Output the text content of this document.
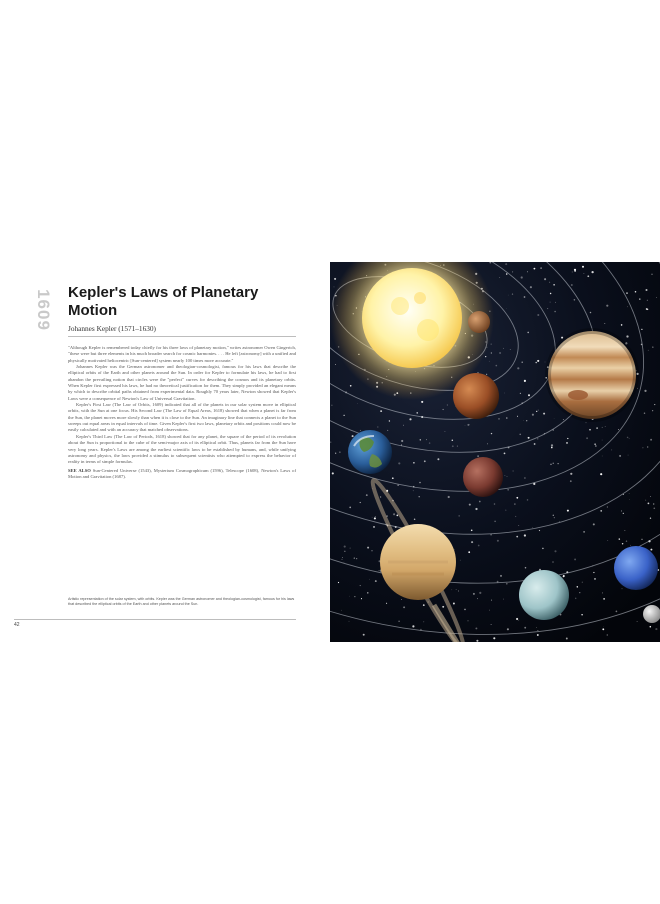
1609 Kepler's Laws of Planetary Motion
Johannes Kepler (1571–1630)

"Although Kepler is remembered today chiefly for his three laws of planetary motion," writes astronomer Owen Gingerich, "these were but three elements in his much broader search for cosmic harmonies. . . . He left [astronomy] with a unified and physically motivated heliocentric [Sun-centered] system nearly 100 times more accurate."

Johannes Kepler was the German astronomer and theologian-cosmologist, famous for his laws that describe the elliptical orbits of the Earth and other planets around the Sun. In order for Kepler to formulate his laws, he had to first abandon the prevailing notion that circles were the "perfect" curves for describing the cosmos and its planetary orbits. When Kepler first expressed his laws, he had no theoretical justification for them. They simply provided an elegant means by which to describe orbital paths obtained from experimental data. Roughly 70 years later, Newton showed that Kepler's Laws were a consequence of Newton's Law of Universal Gravitation.

Kepler's First Law (The Law of Orbits, 1609) indicated that all of the planets in our solar system move in elliptical orbits, with the Sun at one focus. His Second Law (The Law of Equal Areas, 1618) showed that when a planet is far from the Sun, the planet moves more slowly than when it is close to the Sun. An imaginary line that connects a planet to the Sun sweeps out equal areas in equal intervals of time. Given Kepler's first two laws, planetary orbits and positions could now be easily calculated and with an accuracy that matched observations.

Kepler's Third Law (The Law of Periods, 1618) showed that for any planet, the square of the period of its revolution about the Sun is proportional to the cube of the semi-major axis of its elliptical orbit. Thus, planets far from the Sun have very long years. Kepler's Laws are among the earliest scientific laws to be established by humans, and, while unifying astronomy and physics, the laws provided a stimulus to subsequent scientists who attempted to express the behavior of reality in terms of simple formulas.

SEE ALSO Sun-Centered Universe (1543), Mysterium Cosmographicum (1596), Telescope (1608), Newton's Laws of Motion and Gravitation (1687).

Artistic representation of the solar system, with orbits. Kepler was the German astronomer and theologian-cosmologist, famous for his laws that described the elliptical orbits of the Earth and other planets around the Sun.
42
